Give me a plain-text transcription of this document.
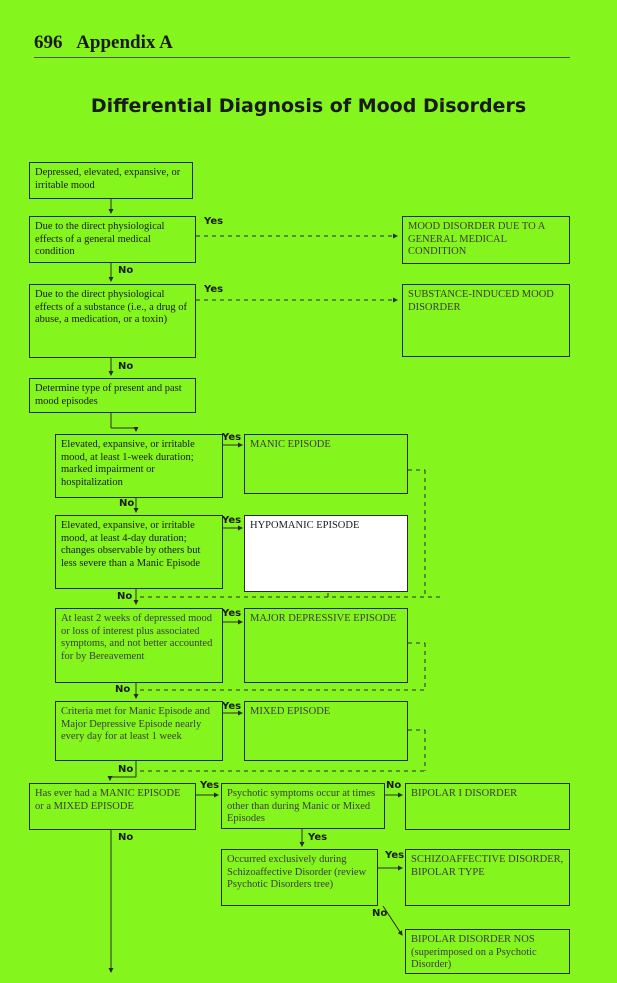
696 Appendix A
Differential Diagnosis of Mood Disorders
Yes
No
Yes
No
Yes
No
Yes
No
Yes
No
Yes
No
Yes
No
No
Yes
Yes
No
Depressed, elevated, expansive, or irritable mood
Due to the direct physiological effects of a general medical condition
Due to the direct physiological effects of a substance (i.e., a drug of abuse, a medication, or a toxin)
Determine type of present and past mood episodes
Elevated, expansive, or irritable mood, at least 1-week duration; marked impairment or hospitalization
Elevated, expansive, or irritable mood, at least 4-day duration; changes observable by others but less severe than a Manic Episode
At least 2 weeks of depressed mood or loss of interest plus associated symptoms, and not better accounted for by Bereavement
Criteria met for Manic Episode and Major Depressive Episode nearly every day for at least 1 week
Has ever had a MANIC EPISODE or a MIXED EPISODE
Psychotic symptoms occur at times other than during Manic or Mixed Episodes
Occurred exclusively during Schizoaffective Disorder (review Psychotic Disorders tree)
MOOD DISORDER DUE TO A GENERAL MEDICAL CONDITION
SUBSTANCE-INDUCED MOOD DISORDER
MANIC EPISODE
HYPOMANIC EPISODE
MAJOR DEPRESSIVE EPISODE
MIXED EPISODE
BIPOLAR I DISORDER
SCHIZOAFFECTIVE DISORDER, BIPOLAR TYPE
BIPOLAR DISORDER NOS (superimposed on a Psychotic Disorder)
